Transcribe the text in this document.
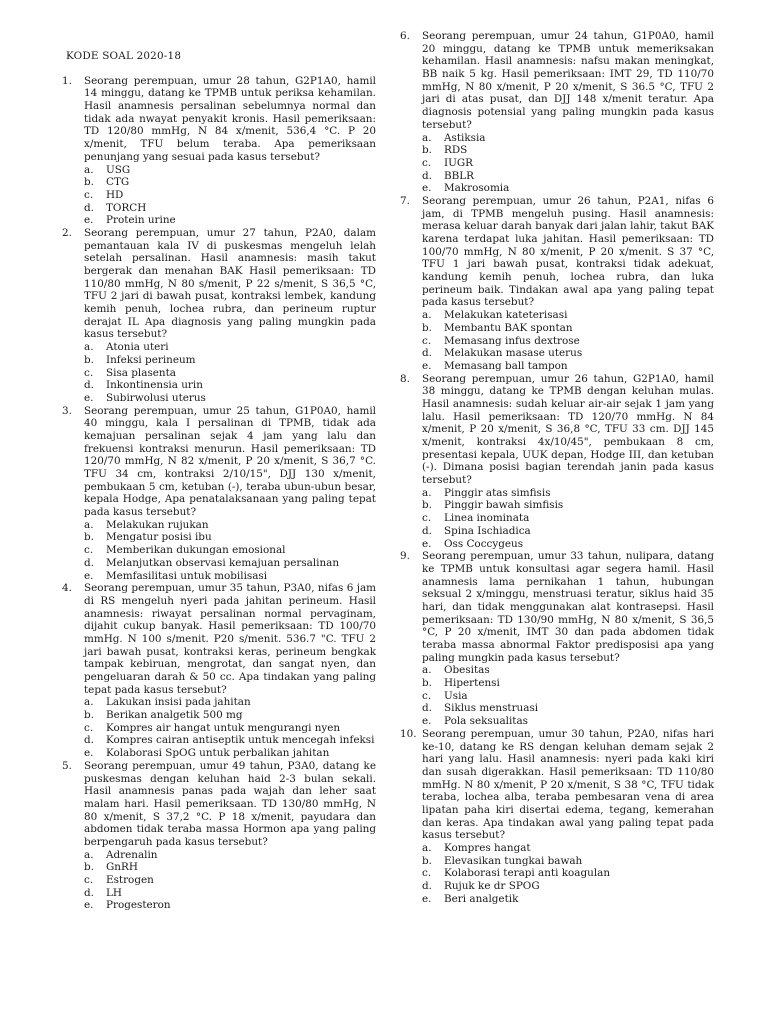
KODE SOAL 2020-18
1.	Seorang perempuan, umur 28 tahun, G2P1A0, hamil 14 minggu, datang ke TPMB untuk periksa kehamilan. Hasil anamnesis persalinan sebelumnya normal dan tidak ada nwayat penyakit kronis. Hasil pemeriksaan: TD 120/80 mmHg, N 84 x/menit, 536,4 °C. P 20 x/menit, TFU belum teraba. Apa pemeriksaan penunjang yang sesuai pada kasus tersebut?
a.	USG
b.	CTG
c.	HD
d.	TORCH
e.	Protein urine
2.	Seorang perempuan, umur 27 tahun, P2A0, dalam pemantauan kala IV di puskesmas mengeluh lelah setelah persalinan. Hasil anamnesis: masih takut bergerak dan menahan BAK Hasil pemeriksaan: TD 110/80 mmHg, N 80 s/menit, P 22 s/menit, S 36,5 °C, TFU 2 jari di bawah pusat, kontraksi lembek, kandung kemih penuh, lochea rubra, dan perineum ruptur derajat IL Apa diagnosis yang paling mungkin pada kasus tersebut?
a.	Atonia uteri
b.	Infeksi perineum
c.	Sisa plasenta
d.	Inkontinensia urin
e.	Subirwolusi uterus
3.	Seorang perempuan, umur 25 tahun, G1P0A0, hamil 40 minggu, kala I persalinan di TPMB, tidak ada kemajuan persalinan sejak 4 jam yang lalu dan frekuensi kontraksi menurun. Hasil pemeriksaan: TD 120/70 mmHg, N 82 x/menit, P 20 x/menit, S 36,7 °C. TFU 34 cm, kontraksi 2/10/15", DJJ 130 x/menit, pembukaan 5 cm, ketuban (-), teraba ubun-ubun besar, kepala Hodge, Apa penatalaksanaan yang paling tepat pada kasus tersebut?
a.	Melakukan rujukan
b.	Mengatur posisi ibu
c.	Memberikan dukungan emosional
d.	Melanjutkan observasi kemajuan persalinan
e.	Memfasilitasi untuk mobilisasi
4.	Seorang perempuan, umur 35 tahun, P3A0, nifas 6 jam di RS mengeluh nyeri pada jahitan perineum. Hasil anamnesis: riwayat persalinan normal pervaginam, dijahit cukup banyak. Hasil pemeriksaan: TD 100/70 mmHg. N 100 s/menit. P20 s/menit. 536.7 "C. TFU 2 jari bawah pusat, kontraksi keras, perineum bengkak tampak kebiruan, mengrotat, dan sangat nyen, dan pengeluaran darah & 50 cc. Apa tindakan yang paling tepat pada kasus tersebut?
a.	Lakukan insisi pada jahitan
b.	Berikan analgetik 500 mg
c.	Kompres air hangat untuk mengurangi nyen
d.	Kompres cairan antiseptik untuk mencegah infeksi
e.	Kolaborasi SpOG untuk perbalikan jahitan
5.	Seorang perempuan, umur 49 tahun, P3A0, datang ke puskesmas dengan keluhan haid 2-3 bulan sekali. Hasil anamnesis panas pada wajah dan leher saat malam hari. Hasil pemeriksaan. TD 130/80 mmHg, N 80 x/menit, S 37,2 °C. P 18 x/menit, payudara dan abdomen tidak teraba massa Hormon apa yang paling berpengaruh pada kasus tersebut?
a.	Adrenalin
b.	GnRH
c.	Estrogen
d.	LH
e.	Progesteron
6.	Seorang perempuan, umur 24 tahun, G1P0A0, hamil 20 minggu, datang ke TPMB untuk memeriksakan kehamilan. Hasil anamnesis: nafsu makan meningkat, BB naik 5 kg. Hasil pemeriksaan: IMT 29, TD 110/70 mmHg, N 80 x/menit, P 20 x/menit, S 36.5 °C, TFU 2 jari di atas pusat, dan DJJ 148 x/menit teratur. Apa diagnosis potensial yang paling mungkin pada kasus tersebut?
a.	Astiksia
b.	RDS
c.	IUGR
d.	BBLR
e.	Makrosomia
7.	Seorang perempuan, umur 26 tahun, P2A1, nifas 6 jam, di TPMB mengeluh pusing. Hasil anamnesis: merasa keluar darah banyak dari jalan lahir, takut BAK karena terdapat luka jahitan. Hasil pemeriksaan: TD 100/70 mmHg, N 80 x/menit, P 20 x/menit. S 37 °C, TFU 1 jari bawah pusat, kontraksi tidak adekuat, kandung kemih penuh, lochea rubra, dan luka perineum baik. Tindakan awal apa yang paling tepat pada kasus tersebut?
a.	Melakukan kateterisasi
b.	Membantu BAK spontan
c.	Memasang infus dextrose
d.	Melakukan masase uterus
e.	Memasang ball tampon
8.	Seorang perempuan, umur 26 tahun, G2P1A0, hamil 38 minggu, datang ke TPMB dengan keluhan mulas. Hasil anamnesis: sudah keluar air-air sejak 1 jam yang lalu. Hasil pemeriksaan: TD 120/70 mmHg. N 84 x/menit, P 20 x/menit, S 36,8 °C, TFU 33 cm. DJJ 145 x/menit, kontraksi 4x/10/45", pembukaan 8 cm, presentasi kepala, UUK depan, Hodge III, dan ketuban (-). Dimana posisi bagian terendah janin pada kasus tersebut?
a.	Pinggir atas simfisis
b.	Pinggir bawah simfisis
c.	Linea inominata
d.	Spina Ischiadica
e.	Oss Coccygeus
9.	Seorang perempuan, umur 33 tahun, nulipara, datang ke TPMB untuk konsultasi agar segera hamil. Hasil anamnesis lama pernikahan 1 tahun, hubungan seksual 2 x/minggu, menstruasi teratur, siklus haid 35 hari, dan tidak menggunakan alat kontrasepsi. Hasil pemeriksaan: TD 130/90 mmHg, N 80 x/menit, S 36,5 °C, P 20 x/menit, IMT 30 dan pada abdomen tidak teraba massa abnormal Faktor predisposisi apa yang paling mungkin pada kasus tersebut?
a.	Obesitas
b.	Hipertensi
c.	Usia
d.	Siklus menstruasi
e.	Pola seksualitas
10. Seorang perempuan, umur 30 tahun, P2A0, nifas hari ke-10, datang ke RS dengan keluhan demam sejak 2 hari yang lalu. Hasil anamnesis: nyeri pada kaki kiri dan susah digerakkan. Hasil pemeriksaan: TD 110/80 mmHg. N 80 x/menit, P 20 x/menit, S 38 °C, TFU tidak teraba, lochea alba, teraba pembesaran vena di area lipatan paha kiri disertai edema, tegang, kemerahan dan keras. Apa tindakan awal yang paling tepat pada kasus tersebut?
a.	Kompres hangat
b.	Elevasikan tungkai bawah
c.	Kolaborasi terapi anti koagulan
d.	Rujuk ke dr SPOG
e.	Beri analgetik
